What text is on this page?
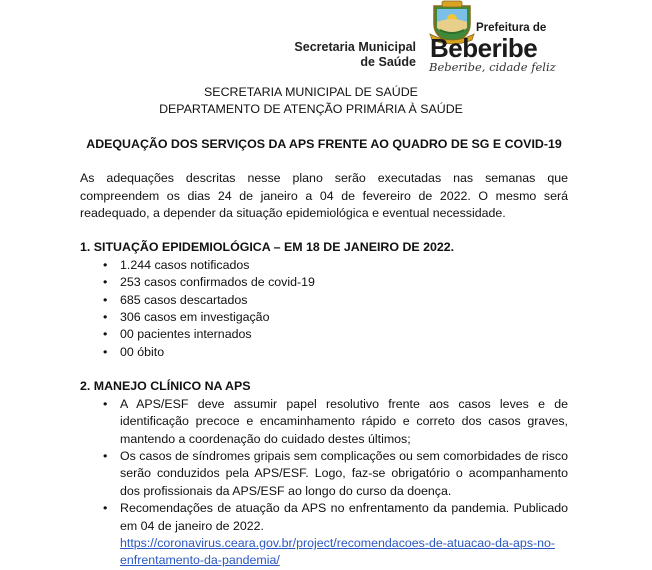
Secretaria Municipal
de Saúde
Prefeitura de
Beberibe
Beberibe, cidade feliz
SECRETARIA MUNICIPAL DE SAÚDE
DEPARTAMENTO DE ATENÇÃO PRIMÁRIA À SAÚDE
ADEQUAÇÃO DOS SERVIÇOS DA APS FRENTE AO QUADRO DE SG E COVID-19
As adequações descritas nesse plano serão executadas nas semanas que compreendem os dias 24 de janeiro a 04 de fevereiro de 2022. O mesmo será readequado, a depender da situação epidemiológica e eventual necessidade.
1. SITUAÇÃO EPIDEMIOLÓGICA – EM 18 DE JANEIRO DE 2022.
• 1.244 casos notificados
• 253 casos confirmados de covid-19
• 685 casos descartados
• 306 casos em investigação
• 00 pacientes internados
• 00 óbito
2. MANEJO CLÍNICO NA APS
• A APS/ESF deve assumir papel resolutivo frente aos casos leves e de identificação precoce e encaminhamento rápido e correto dos casos graves, mantendo a coordenação do cuidado destes últimos;
• Os casos de síndromes gripais sem complicações ou sem comorbidades de risco serão conduzidos pela APS/ESF. Logo, faz-se obrigatório o acompanhamento dos profissionais da APS/ESF ao longo do curso da doença.
• Recomendações de atuação da APS no enfrentamento da pandemia. Publicado em 04 de janeiro de 2022.
https://coronavirus.ceara.gov.br/project/recomendacoes-de-atuacao-da-aps-no-enfrentamento-da-pandemia/
